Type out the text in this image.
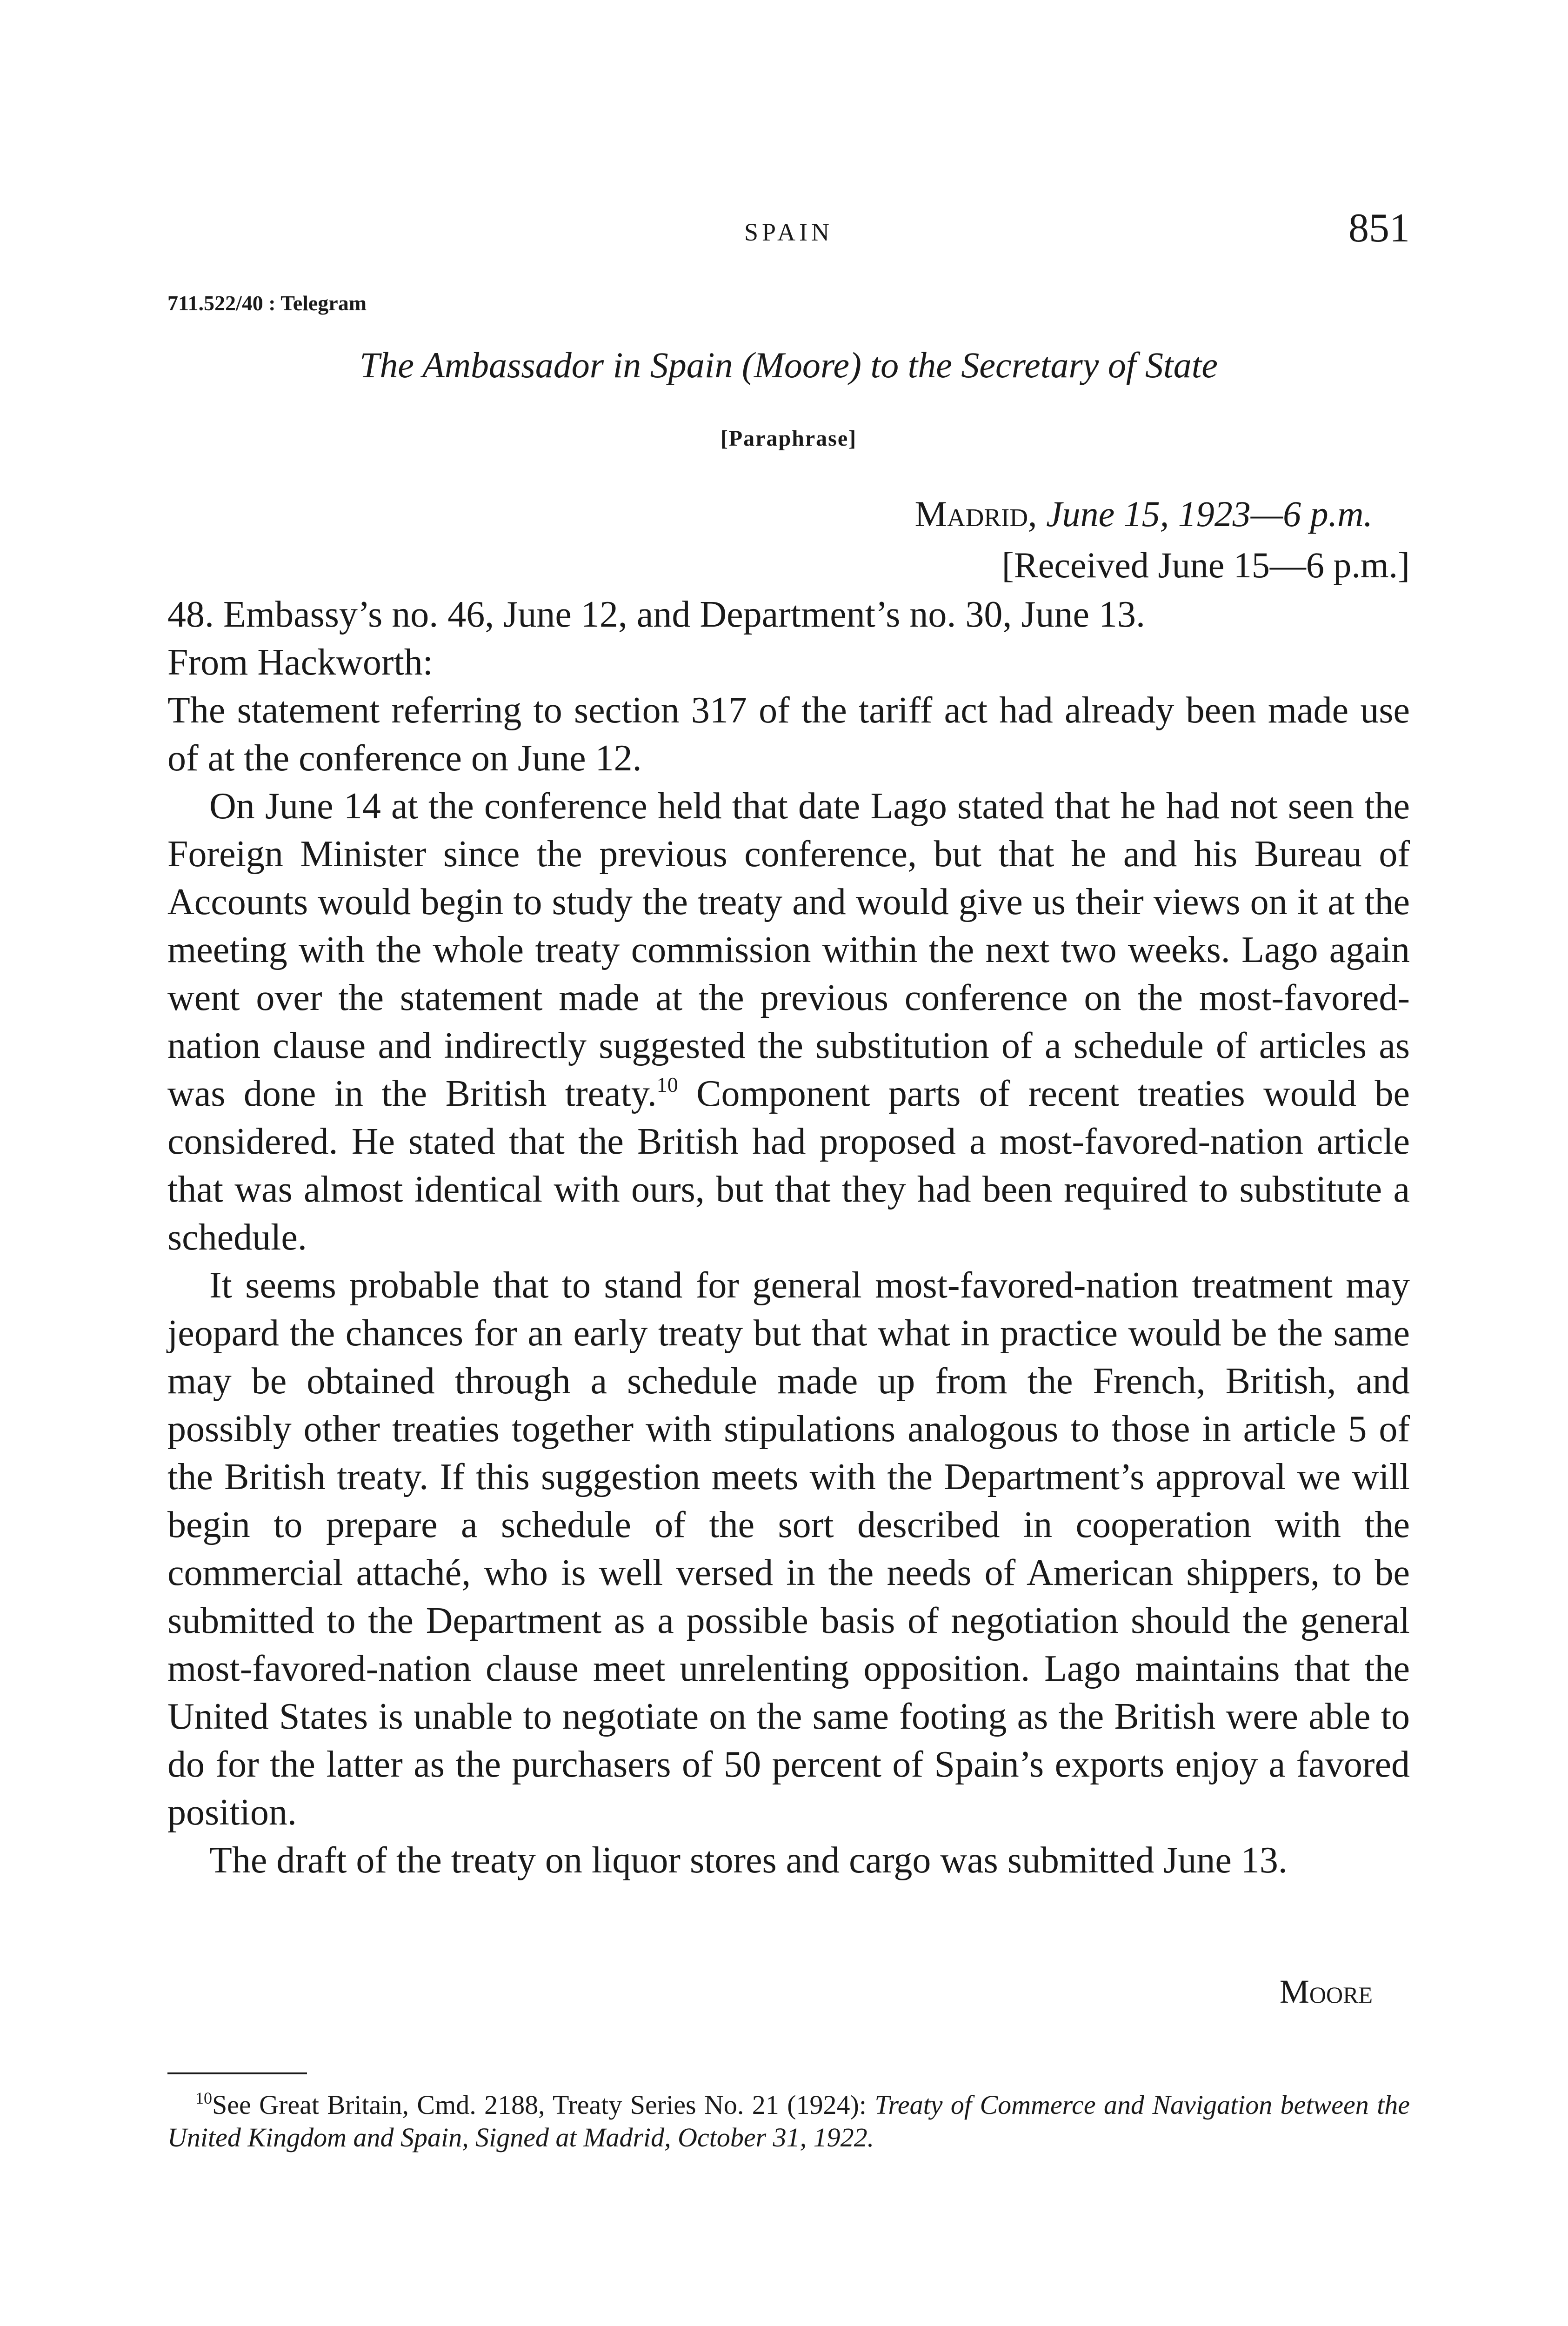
SPAIN	851
711.522/40 : Telegram
The Ambassador in Spain (Moore) to the Secretary of State
[Paraphrase]
Madrid, June 15, 1923—6 p.m.
[Received June 15—6 p.m.]

48. Embassy’s no. 46, June 12, and Department’s no. 30, June 13.

From Hackworth:

The statement referring to section 317 of the tariff act had already been made use of at the conference on June 12.

On June 14 at the conference held that date Lago stated that he had not seen the Foreign Minister since the previous conference, but that he and his Bureau of Accounts would begin to study the treaty and would give us their views on it at the meeting with the whole treaty commission within the next two weeks. Lago again went over the statement made at the previous conference on the most-favored-nation clause and indirectly suggested the substitution of a schedule of articles as was done in the British treaty.$^{10}$ Component parts of recent treaties would be considered. He stated that the British had proposed a most-favored-nation article that was almost identical with ours, but that they had been required to substitute a schedule.

It seems probable that to stand for general most-favored-nation treatment may jeopard the chances for an early treaty but that what in practice would be the same may be obtained through a schedule made up from the French, British, and possibly other treaties together with stipulations analogous to those in article 5 of the British treaty. If this suggestion meets with the Department’s approval we will begin to prepare a schedule of the sort described in cooperation with the commercial attaché, who is well versed in the needs of American shippers, to be submitted to the Department as a possible basis of negotiation should the general most-favored-nation clause meet unrelenting opposition. Lago maintains that the United States is unable to negotiate on the same footing as the British were able to do for the latter as the purchasers of 50 percent of Spain’s exports enjoy a favored position.

The draft of the treaty on liquor stores and cargo was submitted June 13.

Moore
$^{10}$See Great Britain, Cmd. 2188, Treaty Series No. 21 (1924): Treaty of Commerce and Navigation between the United Kingdom and Spain, Signed at Madrid, October 31, 1922.
